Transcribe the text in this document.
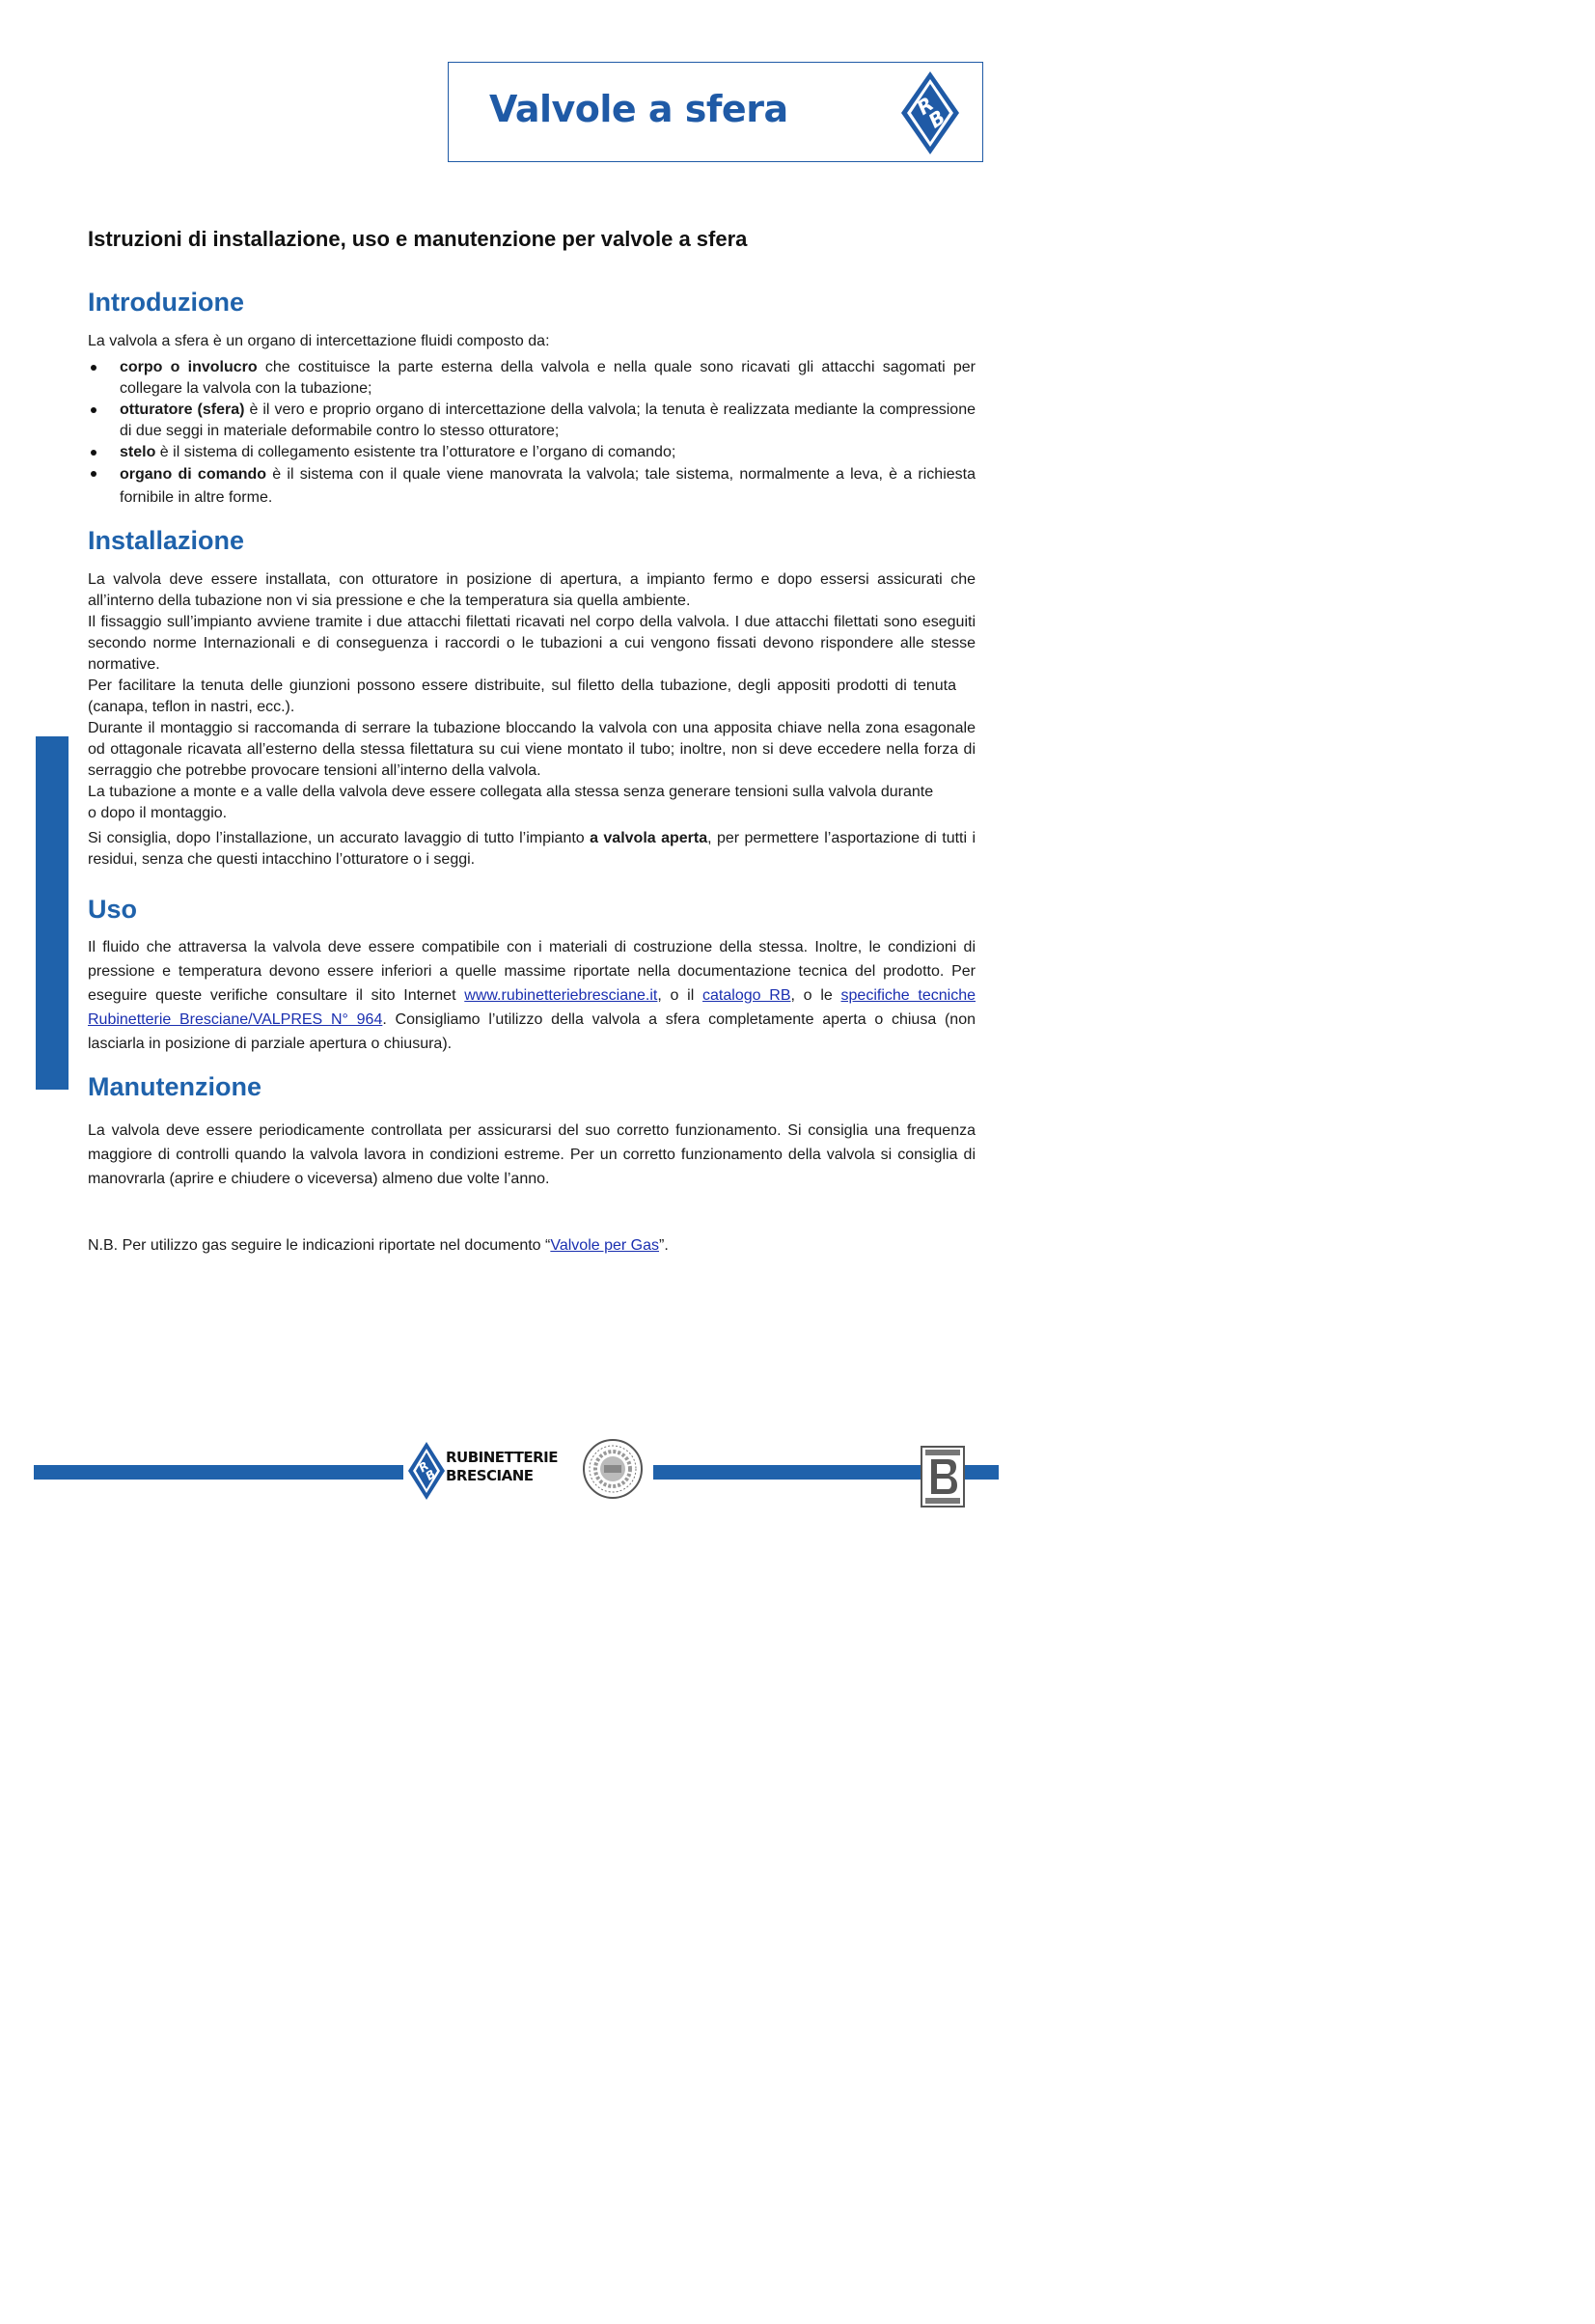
Valvole a sfera	R
B
Istruzioni di installazione, uso e manutenzione per valvole a sfera
Introduzione

La valvola a sfera è un organo di intercettazione fluidi composto da:

corpo o involucro che costituisce la parte esterna della valvola e nella quale sono ricavati gli attacchi sagomati per collegare la valvola con la tubazione;
otturatore (sfera) è il vero e proprio organo di intercettazione della valvola; la tenuta è realizzata mediante la compressione di due seggi in materiale deformabile contro lo stesso otturatore;
stelo è il sistema di collegamento esistente tra l’otturatore e l’organo di comando;
organo di comando è il sistema con il quale viene manovrata la valvola; tale sistema, normalmente a leva, è a richiesta fornibile in altre forme.
Installazione

La valvola deve essere installata, con otturatore in posizione di apertura, a impianto fermo e dopo essersi assicurati che all’interno della tubazione non vi sia pressione e che la temperatura sia quella ambiente.

Il fissaggio sull’impianto avviene tramite i due attacchi filettati ricavati nel corpo della valvola. I due attacchi filettati sono eseguiti secondo norme Internazionali e di conseguenza i raccordi o le tubazioni a cui vengono fissati devono rispondere alle stesse normative.

Per facilitare la tenuta delle giunzioni possono essere distribuite, sul filetto della tubazione, degli appositi prodotti di tenuta (canapa, teflon in nastri, ecc.).

Durante il montaggio si raccomanda di serrare la tubazione bloccando la valvola con una apposita chiave nella zona esagonale od ottagonale ricavata all’esterno della stessa filettatura su cui viene montato il tubo; inoltre, non si deve eccedere nella forza di serraggio che potrebbe provocare tensioni all’interno della valvola.

La tubazione a monte e a valle della valvola deve essere collegata alla stessa senza generare tensioni sulla valvola durante o dopo il montaggio.

Si consiglia, dopo l’installazione, un accurato lavaggio di tutto l’impianto a valvola aperta, per permettere l’asportazione di tutti i residui, senza che questi intacchino l’otturatore o i seggi.

Uso

Il fluido che attraversa la valvola deve essere compatibile con i materiali di costruzione della stessa. Inoltre, le condizioni di pressione e temperatura devono essere inferiori a quelle massime riportate nella documentazione tecnica del prodotto. Per eseguire queste verifiche consultare il sito Internet www.rubinetteriebresciane.it, o il catalogo RB, o le specifiche tecniche Rubinetterie Bresciane/VALPRES N° 964. Consigliamo l’utilizzo della valvola a sfera completamente aperta o chiusa (non lasciarla in posizione di parziale apertura o chiusura).

Manutenzione

La valvola deve essere periodicamente controllata per assicurarsi del suo corretto funzionamento. Si consiglia una frequenza maggiore di controlli quando la valvola lavora in condizioni estreme. Per un corretto funzionamento della valvola si consiglia di manovrarla (aprire e chiudere o viceversa) almeno due volte l’anno.

N.B. Per utilizzo gas seguire le indicazioni riportate nel documento “Valvole per Gas”.

R
B

RUBINETTERIE
BRESCIANE
